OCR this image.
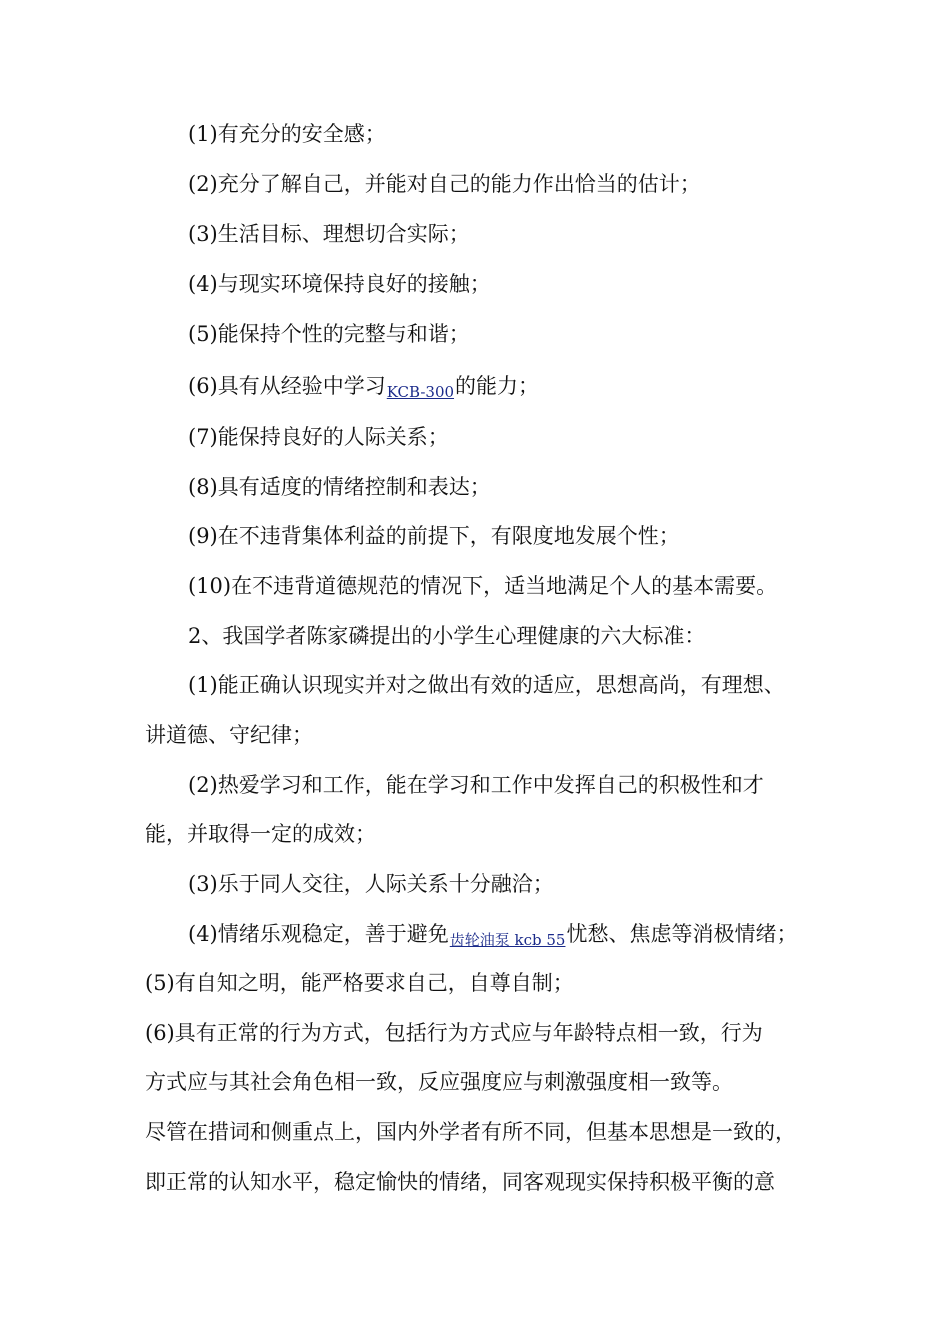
(1)有充分的安全感；
(2)充分了解自己，并能对自己的能力作出恰当的估计；
(3)生活目标、理想切合实际；
(4)与现实环境保持良好的接触；
(5)能保持个性的完整与和谐；
(6)具有从经验中学习KCB-300的能力；
(7)能保持良好的人际关系；
(8)具有适度的情绪控制和表达；
(9)在不违背集体利益的前提下，有限度地发展个性；
(10)在不违背道德规范的情况下，适当地满足个人的基本需要。
2、我国学者陈家磷提出的小学生心理健康的六大标准：
(1)能正确认识现实并对之做出有效的适应，思想高尚，有理想、
讲道德、守纪律；
(2)热爱学习和工作，能在学习和工作中发挥自己的积极性和才
能，并取得一定的成效；
(3)乐于同人交往，人际关系十分融洽；
(4)情绪乐观稳定，善于避免齿轮油泵 kcb 55忧愁、焦虑等消极情绪；
(5)有自知之明，能严格要求自己，自尊自制；
(6)具有正常的行为方式，包括行为方式应与年龄特点相一致，行为
方式应与其社会角色相一致，反应强度应与刺激强度相一致等。
尽管在措词和侧重点上，国内外学者有所不同，但基本思想是一致的，
即正常的认知水平，稳定愉快的情绪，同客观现实保持积极平衡的意
